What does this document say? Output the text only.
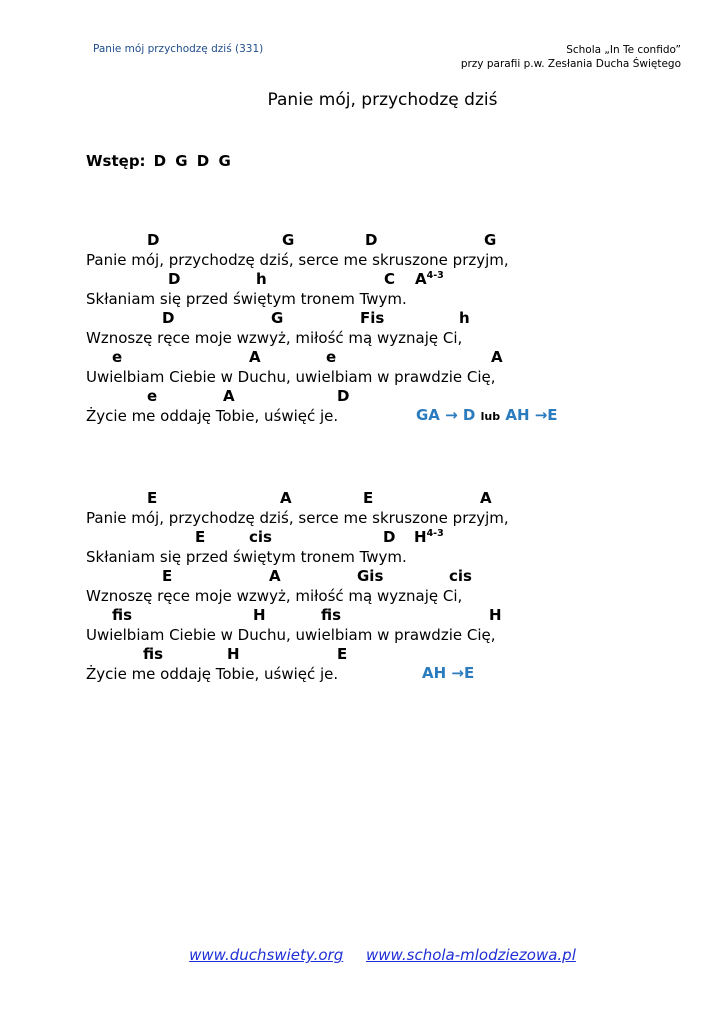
Panie mój przychodzę dziś (331)	Schola „In Te confido”
przy parafii p.w. Zesłania Ducha Świętego
Panie mój, przychodzę dziś
Wstęp: D G D G
D	G	D	G
Panie mój, przychodzę dziś, serce me skruszone przyjm,
D	h	C $A^{4-3}$
Skłaniam się przed świętym tronem Twym.
D	G	Fis	h
Wznoszę ręce moje wzwyż, miłość mą wyznaję Ci,
e	A	e	A
Uwielbiam Ciebie w Duchu, uwielbiam w prawdzie Cię,
e	A	D
Życie me oddaję Tobie, uświęć je.	GA → D lub AH →E
E	A	E	A
Panie mój, przychodzę dziś, serce me skruszone przyjm,
E	cis	D $H^{4-3}$
Skłaniam się przed świętym tronem Twym.
E	A	Gis	cis
Wznoszę ręce moje wzwyż, miłość mą wyznaję Ci,
fis	H	fis	H
Uwielbiam Ciebie w Duchu, uwielbiam w prawdzie Cię,
fis	H	E
Życie me oddaję Tobie, uświęć je.	AH →E
www.duchswiety.org www.schola-mlodziezowa.pl
